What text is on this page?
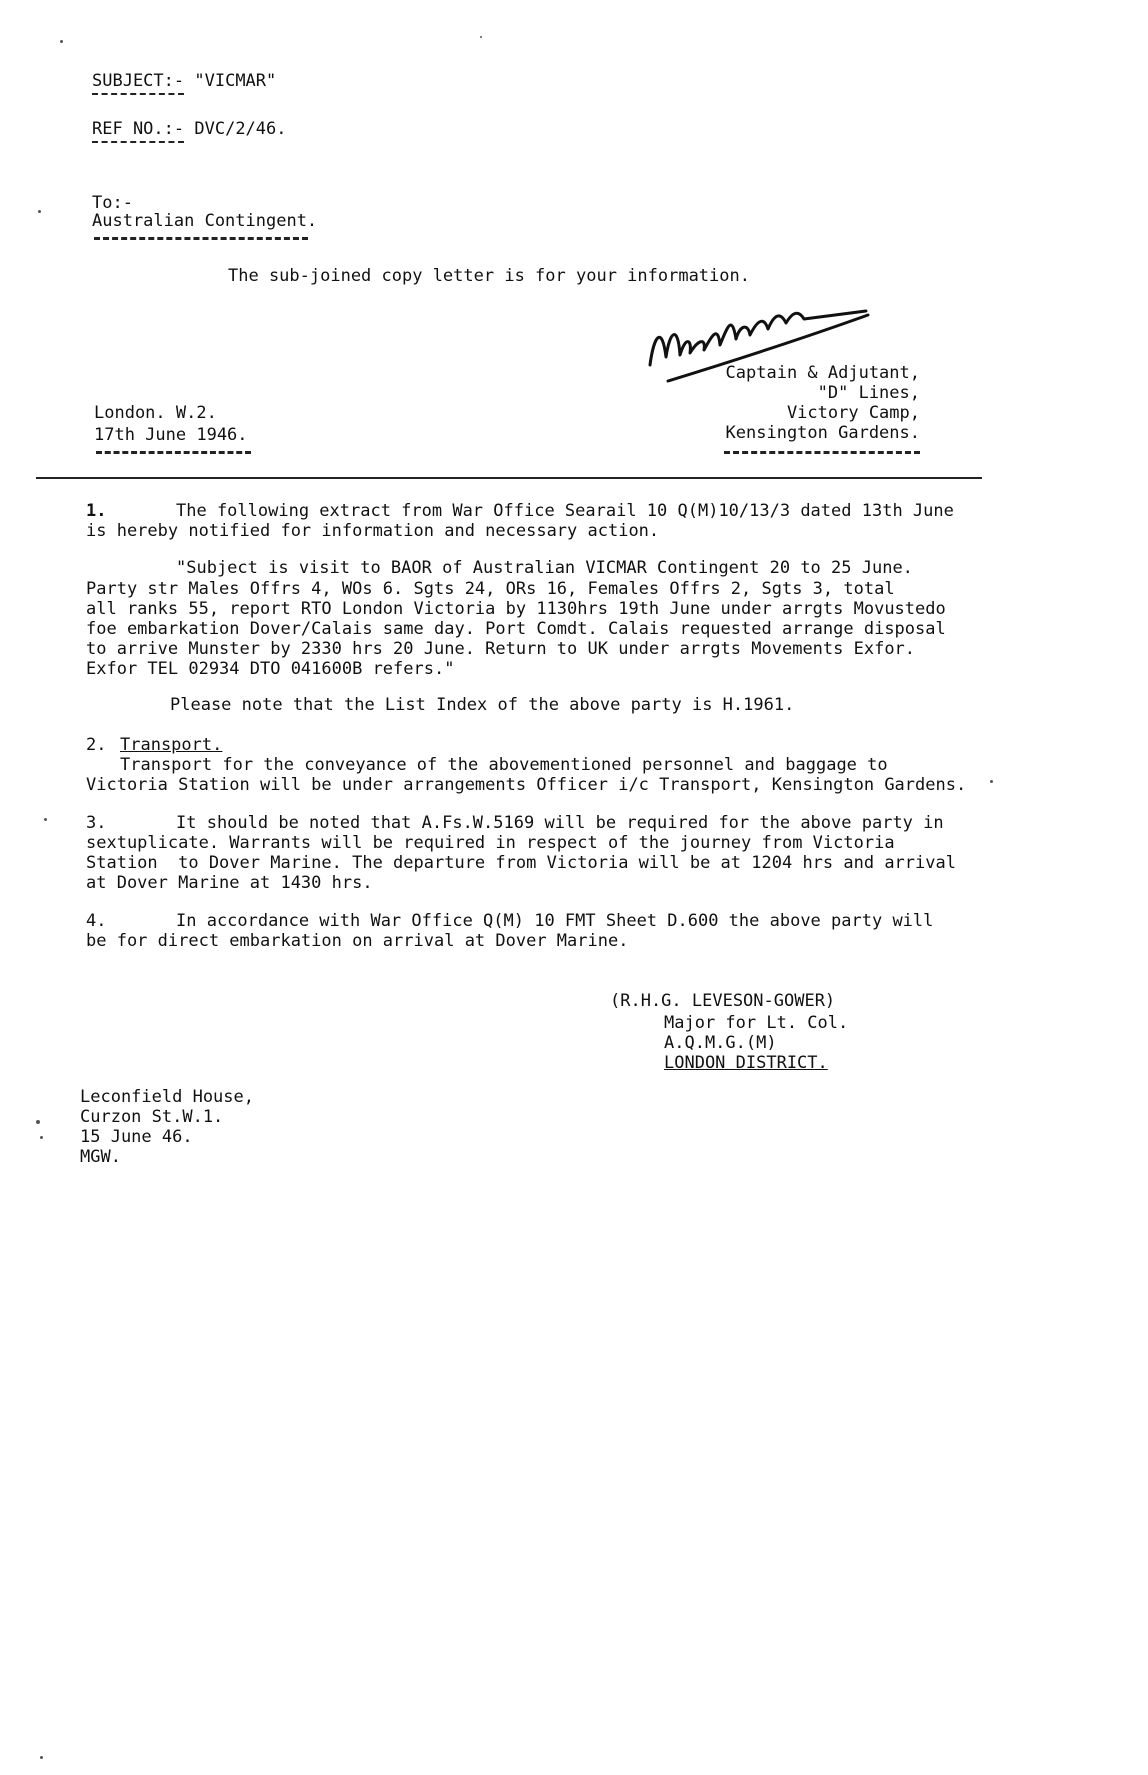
SUBJECT:- "VICMAR"
REF NO.:- DVC/2/46.
To:-
Australian Contingent.
The sub-joined copy letter is for your information.
Captain & Adjutant,
"D" Lines,
Victory Camp,
Kensington Gardens.
London. W.2.
17th June 1946.
1.	The following extract from War Office Searail 10 Q(M)10/13/3 dated 13th June
is hereby notified for information and necessary action.
"Subject is visit to BAOR of Australian VICMAR Contingent 20 to 25 June.
Party str Males Offrs 4, WOs 6. Sgts 24, ORs 16, Females Offrs 2, Sgts 3, total
all ranks 55, report RTO London Victoria by 1130hrs 19th June under arrgts Movustedo
foe embarkation Dover/Calais same day. Port Comdt. Calais requested arrange disposal
to arrive Munster by 2330 hrs 20 June. Return to UK under arrgts Movements Exfor.
Exfor TEL 02934 DTO 041600B refers."
Please note that the List Index of the above party is H.1961.
2. Transport.
Transport for the conveyance of the abovementioned personnel and baggage to
Victoria Station will be under arrangements Officer i/c Transport, Kensington Gardens.
3.	It should be noted that A.Fs.W.5169 will be required for the above party in
sextuplicate. Warrants will be required in respect of the journey from Victoria
Station  to Dover Marine. The departure from Victoria will be at 1204 hrs and arrival
at Dover Marine at 1430 hrs.
4.	In accordance with War Office Q(M) 10 FMT Sheet D.600 the above party will
be for direct embarkation on arrival at Dover Marine.
(R.H.G. LEVESON-GOWER)
Major for Lt. Col.
A.Q.M.G.(M)
LONDON DISTRICT.
Leconfield House,
Curzon St.W.1.
15 June 46.
MGW.
